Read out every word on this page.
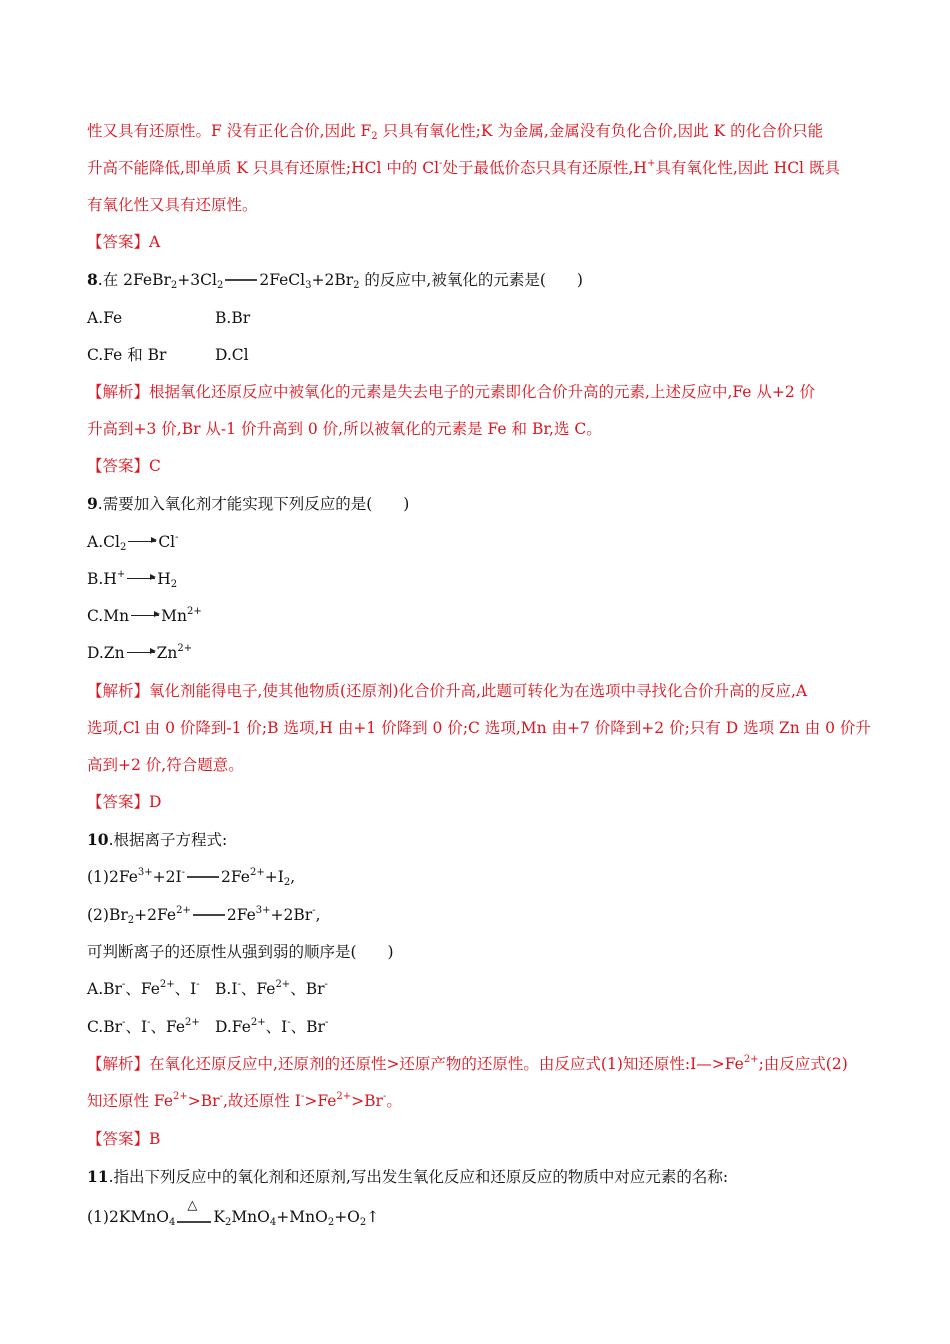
性又具有还原性。F 没有正化合价,因此 $F_2$ 只具有氧化性;K 为金属,金属没有负化合价,因此 K 的化合价只能
升高不能降低,即单质 K 只具有还原性;HCl 中的 Cl-处于最低价态只具有还原性,H+具有氧化性,因此 HCl 既具
有氧化性又具有还原性。
【答案】A
8.在 $2FeBr_2+3Cl_2$ $2FeCl_3+2Br_2$ 的反应中,被氧化的元素是(　　)
A.Fe	B.Br
C.Fe 和 Br	D.Cl
【解析】根据氧化还原反应中被氧化的元素是失去电子的元素即化合价升高的元素,上述反应中,Fe 从+2 价
升高到+3 价,Br 从-1 价升高到 0 价,所以被氧化的元素是 Fe 和 Br,选 C。
【答案】C
9.需要加入氧化剂才能实现下列反应的是(　　)
$A.Cl_2 \to Cl^-$
$B.H^+ \to H_2$
$C.Mn \to Mn^{2+}$
$D.Zn \to Zn^{2+}$
【解析】氧化剂能得电子,使其他物质(还原剂)化合价升高,此题可转化为在选项中寻找化合价升高的反应,A
选项,Cl 由 0 价降到-1 价;B 选项,H 由+1 价降到 0 价;C 选项,Mn 由+7 价降到+2 价;只有 D 选项 Zn 由 0 价升
高到+2 价,符合题意。
【答案】D
10.根据离子方程式:
$(1)2Fe^{3+}+2I^-$ $2Fe^{2+}+I_2$,
$(2)Br_2+2Fe^{2+}$ $2Fe^{3+}+2Br^-$,
可判断离子的还原性从强到弱的顺序是(　　)
A.Br-、$Fe^{2+}$、I- B.I-、$Fe^{2+}$、Br-
C.Br-、I-、$Fe^{2+}$ $D.Fe^{2+}$、I-、Br-
【解析】在氧化还原反应中,还原剂的还原性>还原产物的还原性。由反应式(1)知还原性$:I—>Fe^{2+}$;由反应式(2)
知还原性 $Fe^{2+}>Br^-$,故还原性 $I^->Fe^{2+}>Br^-$。
【答案】B
11.指出下列反应中的氧化剂和还原剂,写出发生氧化反应和还原反应的物质中对应元素的名称:
(1)2KMnO$_4$
△
$K_2MnO_4+MnO_2+O_2↑$
